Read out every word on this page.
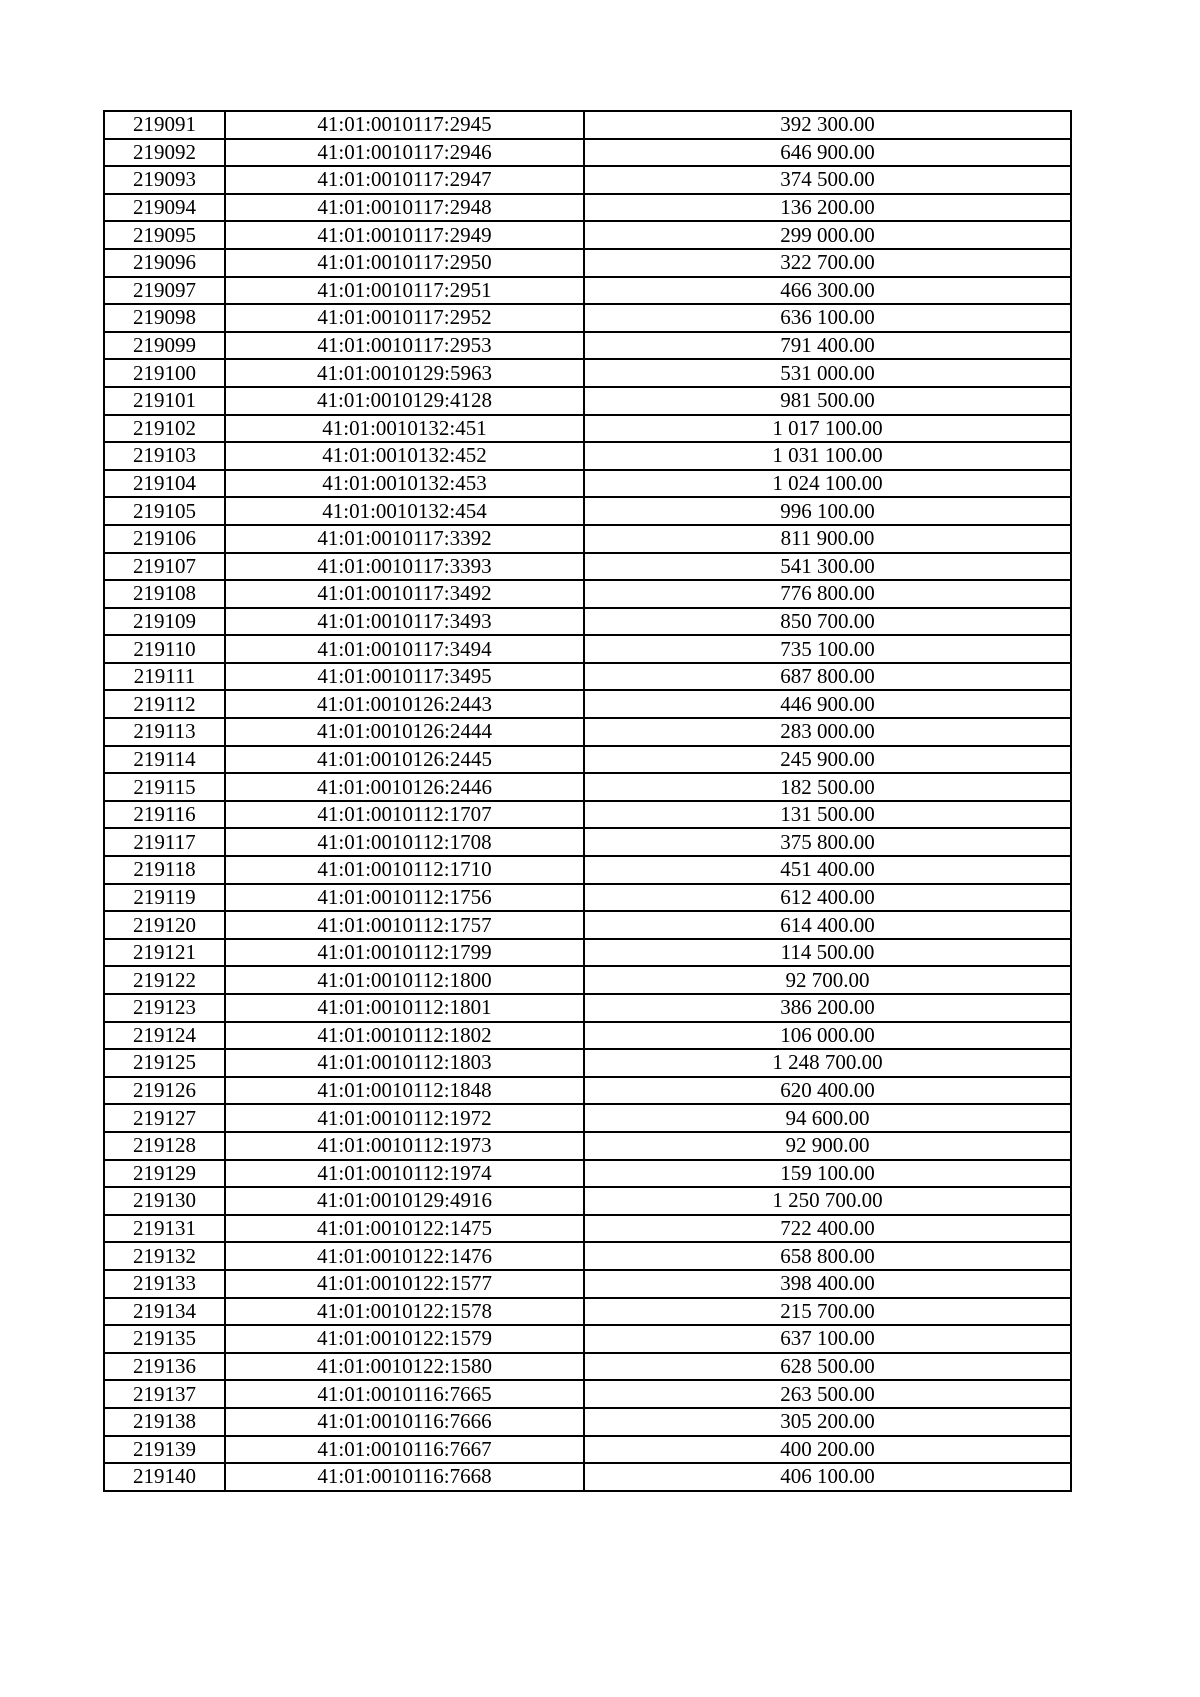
219091	41:01:0010117:2945	392 300.00
219092	41:01:0010117:2946	646 900.00
219093	41:01:0010117:2947	374 500.00
219094	41:01:0010117:2948	136 200.00
219095	41:01:0010117:2949	299 000.00
219096	41:01:0010117:2950	322 700.00
219097	41:01:0010117:2951	466 300.00
219098	41:01:0010117:2952	636 100.00
219099	41:01:0010117:2953	791 400.00
219100	41:01:0010129:5963	531 000.00
219101	41:01:0010129:4128	981 500.00
219102	41:01:0010132:451	1 017 100.00
219103	41:01:0010132:452	1 031 100.00
219104	41:01:0010132:453	1 024 100.00
219105	41:01:0010132:454	996 100.00
219106	41:01:0010117:3392	811 900.00
219107	41:01:0010117:3393	541 300.00
219108	41:01:0010117:3492	776 800.00
219109	41:01:0010117:3493	850 700.00
219110	41:01:0010117:3494	735 100.00
219111	41:01:0010117:3495	687 800.00
219112	41:01:0010126:2443	446 900.00
219113	41:01:0010126:2444	283 000.00
219114	41:01:0010126:2445	245 900.00
219115	41:01:0010126:2446	182 500.00
219116	41:01:0010112:1707	131 500.00
219117	41:01:0010112:1708	375 800.00
219118	41:01:0010112:1710	451 400.00
219119	41:01:0010112:1756	612 400.00
219120	41:01:0010112:1757	614 400.00
219121	41:01:0010112:1799	114 500.00
219122	41:01:0010112:1800	92 700.00
219123	41:01:0010112:1801	386 200.00
219124	41:01:0010112:1802	106 000.00
219125	41:01:0010112:1803	1 248 700.00
219126	41:01:0010112:1848	620 400.00
219127	41:01:0010112:1972	94 600.00
219128	41:01:0010112:1973	92 900.00
219129	41:01:0010112:1974	159 100.00
219130	41:01:0010129:4916	1 250 700.00
219131	41:01:0010122:1475	722 400.00
219132	41:01:0010122:1476	658 800.00
219133	41:01:0010122:1577	398 400.00
219134	41:01:0010122:1578	215 700.00
219135	41:01:0010122:1579	637 100.00
219136	41:01:0010122:1580	628 500.00
219137	41:01:0010116:7665	263 500.00
219138	41:01:0010116:7666	305 200.00
219139	41:01:0010116:7667	400 200.00
219140	41:01:0010116:7668	406 100.00
